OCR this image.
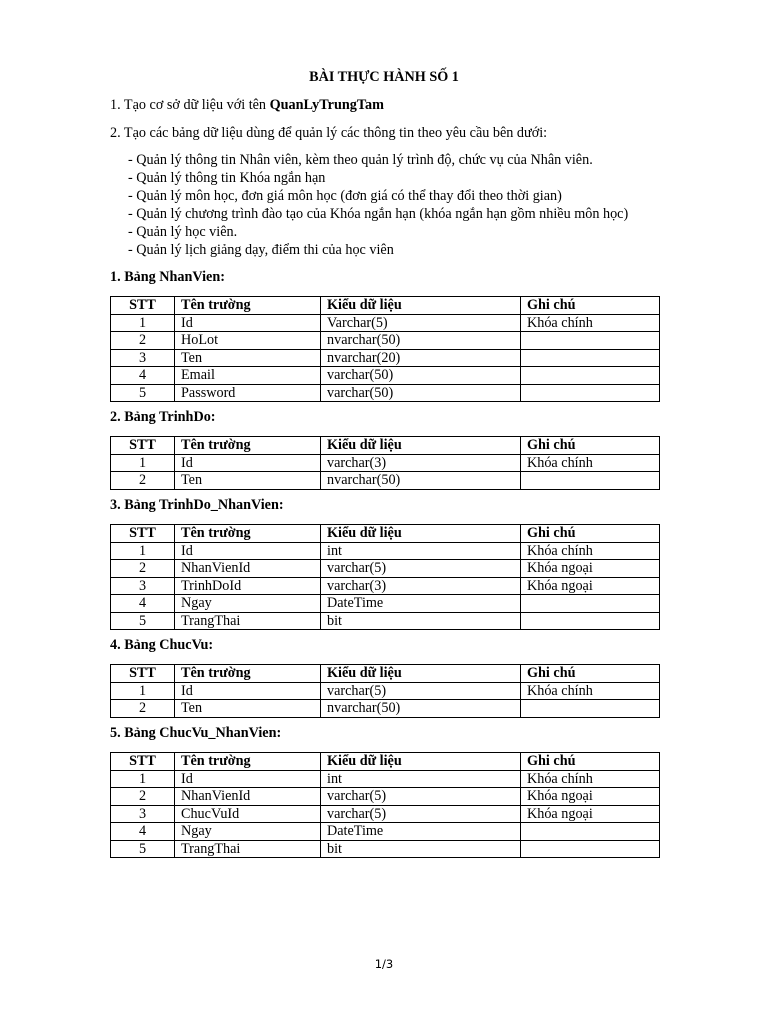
BÀI THỰC HÀNH SỐ 1
1. Tạo cơ sở dữ liệu với tên QuanLyTrungTam
2. Tạo các bảng dữ liệu dùng để quản lý các thông tin theo yêu cầu bên dưới:
- Quản lý thông tin Nhân viên, kèm theo quản lý trình độ, chức vụ của Nhân viên.
- Quản lý thông tin Khóa ngắn hạn
- Quản lý môn học, đơn giá môn học (đơn giá có thể thay đổi theo thời gian)
- Quản lý chương trình đào tạo của Khóa ngắn hạn (khóa ngắn hạn gồm nhiều môn học)
- Quản lý học viên.
- Quản lý lịch giảng dạy, điểm thi của học viên
1. Bảng NhanVien:
STT	Tên trường	Kiểu dữ liệu	Ghi chú
1	Id	Varchar(5)	Khóa chính
2	HoLot	nvarchar(50)	
3	Ten	nvarchar(20)	
4	Email	varchar(50)	
5	Password	varchar(50)	
2. Bảng TrinhDo:
STT	Tên trường	Kiểu dữ liệu	Ghi chú
1	Id	varchar(3)	Khóa chính
2	Ten	nvarchar(50)	
3. Bảng TrinhDo_NhanVien:
STT	Tên trường	Kiểu dữ liệu	Ghi chú
1	Id	int	Khóa chính
2	NhanVienId	varchar(5)	Khóa ngoại
3	TrinhDoId	varchar(3)	Khóa ngoại
4	Ngay	DateTime	
5	TrangThai	bit	
4. Bảng ChucVu:
STT	Tên trường	Kiểu dữ liệu	Ghi chú
1	Id	varchar(5)	Khóa chính
2	Ten	nvarchar(50)	
5. Bảng ChucVu_NhanVien:
STT	Tên trường	Kiểu dữ liệu	Ghi chú
1	Id	int	Khóa chính
2	NhanVienId	varchar(5)	Khóa ngoại
3	ChucVuId	varchar(5)	Khóa ngoại
4	Ngay	DateTime	
5	TrangThai	bit	
1/3
